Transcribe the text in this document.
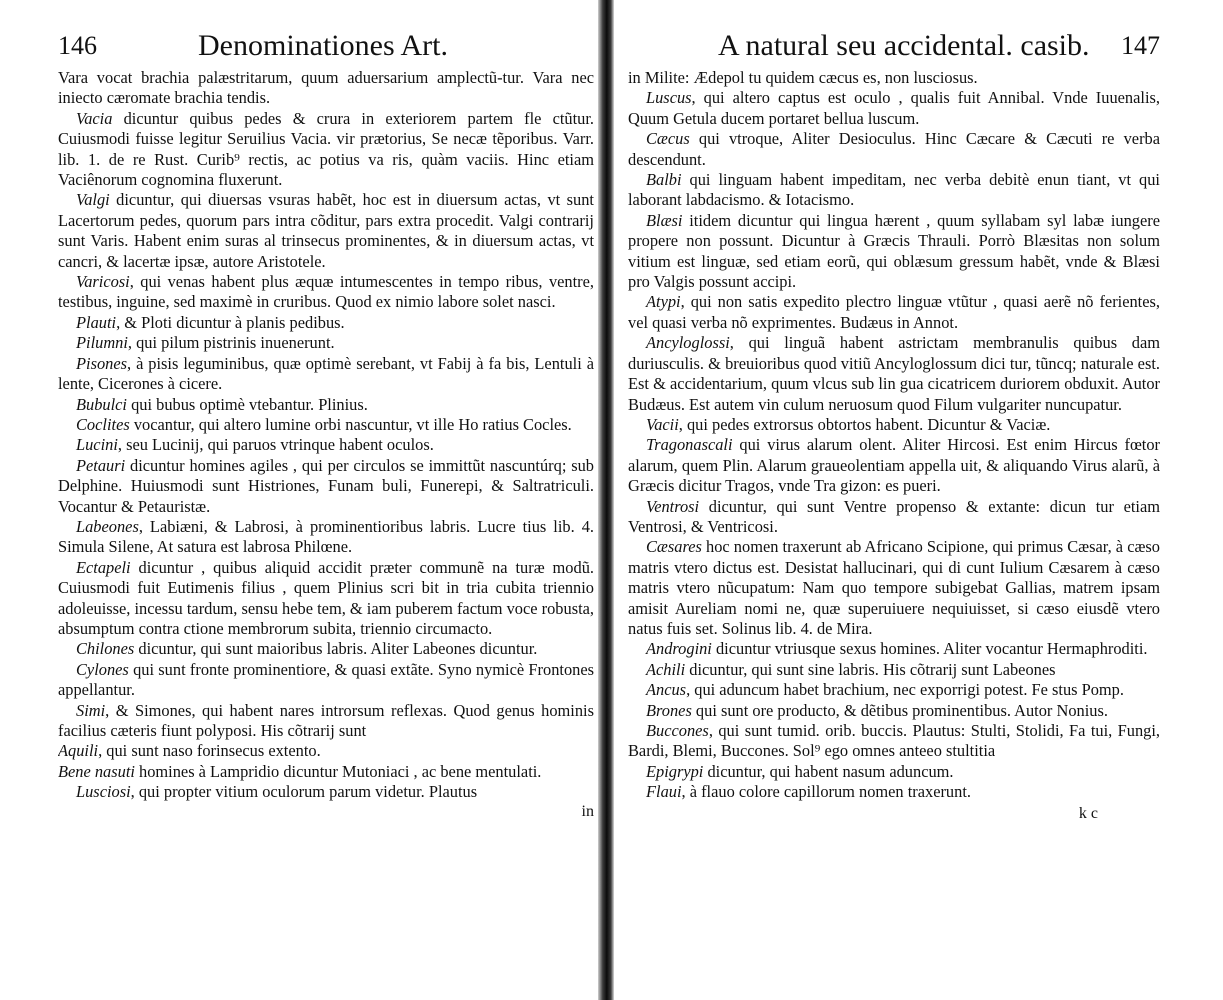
146	Denominationes Art.
Vara vocat brachia palæstritarum, quum aduersarium amplectũ-tur. Vara nec iniecto cæromate brachia tendis.
Vacia dicuntur quibus pedes & crura in exteriorem partem fle ctũtur. Cuiusmodi fuisse legitur Seruilius Vacia. vir prætorius, Se necæ tẽporibus. Varr. lib. 1. de re Rust. Curib⁹ rectis, ac potius va ris, quàm vaciis. Hinc etiam Vaciênorum cognomina fluxerunt.
Valgi dicuntur, qui diuersas vsuras habẽt, hoc est in diuersum actas, vt sunt Lacertorum pedes, quorum pars intra cõditur, pars extra procedit. Valgi contrarij sunt Varis. Habent enim suras al trinsecus prominentes, & in diuersum actas, vt cancri, & lacertæ ipsæ, autore Aristotele.
Varicosi, qui venas habent plus æquæ intumescentes in tempo ribus, ventre, testibus, inguine, sed maximè in cruribus. Quod ex nimio labore solet nasci.
Plauti, & Ploti dicuntur à planis pedibus.
Pilumni, qui pilum pistrinis inuenerunt.
Pisones, à pisis leguminibus, quæ optimè serebant, vt Fabij à fa bis, Lentuli à lente, Cicerones à cicere.
Bubulci qui bubus optimè vtebantur. Plinius.
Coclites vocantur, qui altero lumine orbi nascuntur, vt ille Ho ratius Cocles.
Lucini, seu Lucinij, qui paruos vtrinque habent oculos.
Petauri dicuntur homines agiles , qui per circulos se immittũt nascuntúrq; sub Delphine. Huiusmodi sunt Histriones, Funam buli, Funerepi, & Saltratriculi. Vocantur & Petauristæ.
Labeones, Labiæni, & Labrosi, à prominentioribus labris. Lucre tius lib. 4. Simula Silene, At satura est labrosa Philœne.
Ectapeli dicuntur , quibus aliquid accidit præter communẽ na turæ modũ. Cuiusmodi fuit Eutimenis filius , quem Plinius scri bit in tria cubita triennio adoleuisse, incessu tardum, sensu hebe tem, & iam puberem factum voce robusta, absumptum contra ctione membrorum subita, triennio circumacto.
Chilones dicuntur, qui sunt maioribus labris. Aliter Labeones dicuntur.
Cylones qui sunt fronte prominentiore, & quasi extãte. Syno nymicè Frontones appellantur.
Simi, & Simones, qui habent nares introrsum reflexas. Quod genus hominis facilius cæteris fiunt polyposi. His cõtrarij sunt
Aquili, qui sunt naso forinsecus extento.
Bene nasuti homines à Lampridio dicuntur Mutoniaci , ac bene mentulati.
Lusciosi, qui propter vitium oculorum parum videtur. Plautus
in
A natural seu accidental. casib. 147
in Milite: Ædepol tu quidem cæcus es, non lusciosus.
Luscus, qui altero captus est oculo , qualis fuit Annibal. Vnde Iuuenalis, Quum Getula ducem portaret bellua luscum.
Cæcus qui vtroque, Aliter Desioculus. Hinc Cæcare & Cæcuti re verba descendunt.
Balbi qui linguam habent impeditam, nec verba debitè enun tiant, vt qui laborant labdacismo. & Iotacismo.
Blæsi itidem dicuntur qui lingua hærent , quum syllabam syl labæ iungere propere non possunt. Dicuntur à Græcis Thrauli. Porrò Blæsitas non solum vitium est linguæ, sed etiam eorũ, qui oblæsum gressum habẽt, vnde & Blæsi pro Valgis possunt accipi.
Atypi, qui non satis expedito plectro linguæ vtũtur , quasi aerẽ nõ ferientes, vel quasi verba nõ exprimentes. Budæus in Annot.
Ancyloglossi, qui linguã habent astrictam membranulis quibus dam duriusculis. & breuioribus quod vitiũ Ancyloglossum dici tur, tũncq; naturale est. Est & accidentarium, quum vlcus sub lin gua cicatricem duriorem obduxit. Autor Budæus. Est autem vin culum neruosum quod Filum vulgariter nuncupatur.
Vacii, qui pedes extrorsus obtortos habent. Dicuntur & Vaciæ.
Tragonascali qui virus alarum olent. Aliter Hircosi. Est enim Hircus fœtor alarum, quem Plin. Alarum graueolentiam appella uit, & aliquando Virus alarũ, à Græcis dicitur Tragos, vnde Tra gizon: es pueri.
Ventrosi dicuntur, qui sunt Ventre propenso & extante: dicun tur etiam Ventrosi, & Ventricosi.
Cæsares hoc nomen traxerunt ab Africano Scipione, qui primus Cæsar, à cæso matris vtero dictus est. Desistat hallucinari, qui di cunt Iulium Cæsarem à cæso matris vtero nũcupatum: Nam quo tempore subigebat Gallias, matrem ipsam amisit Aureliam nomi ne, quæ superuiuere nequiuisset, si cæso eiusdẽ vtero natus fuis set. Solinus lib. 4. de Mira.
Androgini dicuntur vtriusque sexus homines. Aliter vocantur Hermaphroditi.
Achili dicuntur, qui sunt sine labris. His cõtrarij sunt Labeones
Ancus, qui aduncum habet brachium, nec exporrigi potest. Fe stus Pomp.
Brones qui sunt ore producto, & dẽtibus prominentibus. Autor Nonius.
Buccones, qui sunt tumid. orib. buccis. Plautus: Stulti, Stolidi, Fa tui, Fungi, Bardi, Blemi, Buccones. Sol⁹ ego omnes anteeo stultitia
Epigrypi dicuntur, qui habent nasum aduncum.
Flaui, à flauo colore capillorum nomen traxerunt.
k c
